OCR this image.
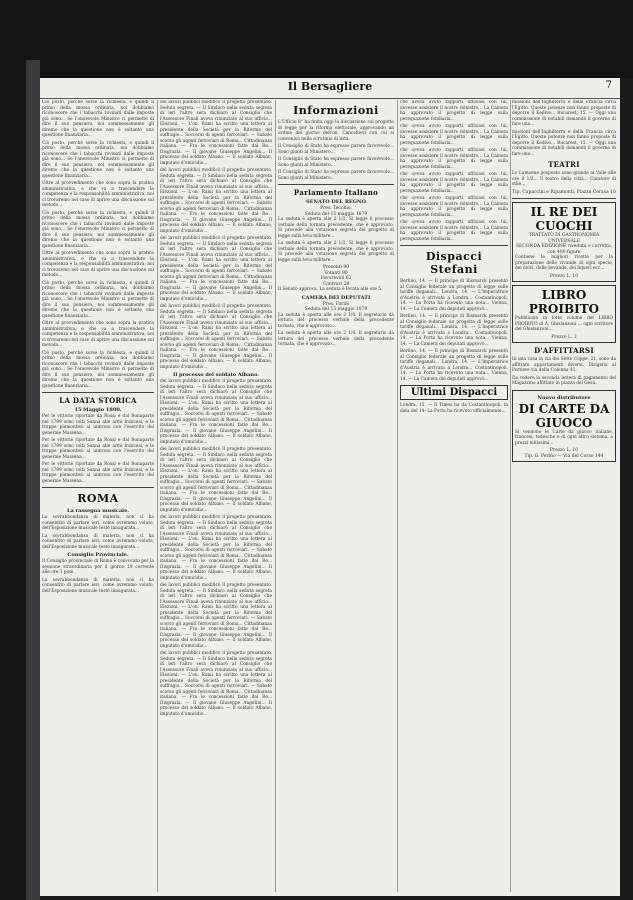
Il Bersagliere	7

Ciò posto, perchè sorse la richiesta, e quindi il primo della mossa ordinata, noi dobbiamo riconoscere che i tabacchi rovinati dalle imposte già sono... Se l'onorevole Ministro ci permette di dire il suo pensiero, noi sommessamente gli diremo che la questione non è soltanto una questione finanziaria...

Ciò posto, perchè sorse la richiesta, e quindi il primo della mossa ordinata, noi dobbiamo riconoscere che i tabacchi rovinati dalle imposte già sono... Se l'onorevole Ministro ci permette di dire il suo pensiero, noi sommessamente gli diremo che la questione non è soltanto una questione finanziaria...

Oltre al provvedimento che sono sopra la pratica amministrativa, e che va a trascendere la competenza e la responsabilità amministrativa, noi ci trovaremo nel caso di aprire una discussione sul metodo...

Ciò posto, perchè sorse la richiesta, e quindi il primo della mossa ordinata, noi dobbiamo riconoscere che i tabacchi rovinati dalle imposte già sono... Se l'onorevole Ministro ci permette di dire il suo pensiero, noi sommessamente gli diremo che la questione non è soltanto una questione finanziaria...

Oltre al provvedimento che sono sopra la pratica amministrativa, e che va a trascendere la competenza e la responsabilità amministrativa, noi ci trovaremo nel caso di aprire una discussione sul metodo...

Ciò posto, perchè sorse la richiesta, e quindi il primo della mossa ordinata, noi dobbiamo riconoscere che i tabacchi rovinati dalle imposte già sono... Se l'onorevole Ministro ci permette di dire il suo pensiero, noi sommessamente gli diremo che la questione non è soltanto una questione finanziaria...

Oltre al provvedimento che sono sopra la pratica amministrativa, e che va a trascendere la competenza e la responsabilità amministrativa, noi ci trovaremo nel caso di aprire una discussione sul metodo...

Ciò posto, perchè sorse la richiesta, e quindi il primo della mossa ordinata, noi dobbiamo riconoscere che i tabacchi rovinati dalle imposte già sono... Se l'onorevole Ministro ci permette di dire il suo pensiero, noi sommessamente gli diremo che la questione non è soltanto una questione finanziaria...

LA DATA STORICA
15 Maggio 1800.

Per le vittorie riportate da Rossi e dal Bonaparte nel 1799 sono tolti Sanna alle armi francesi, e le truppe piemontesi si unirono con l'esercito del generale Massena...

Per le vittorie riportate da Rossi e dal Bonaparte nel 1799 sono tolti Sanna alle armi francesi, e le truppe piemontesi si unirono con l'esercito del generale Massena...

Per le vittorie riportate da Rossi e dal Bonaparte nel 1799 sono tolti Sanna alle armi francesi, e le truppe piemontesi si unirono con l'esercito del generale Massena...

ROMA
La rassegna musicale.

La sovrabbondanza di materia, non ci ha consentito di parlare ieri, come avremmo voluto, dell'Esposizione musicale testè inaugurata...

La sovrabbondanza di materia, non ci ha consentito di parlare ieri, come avremmo voluto, dell'Esposizione musicale testè inaugurata...

Consiglio Provinciale.

Il Consiglio provinciale di Roma è convocato per la sessione straordinaria per il giorno 19 corrente alle ore 1 pom.

La sovrabbondanza di materia, non ci ha consentito di parlare ieri, come avremmo voluto, dell'Esposizione musicale testè inaugurata...

dei lavori pubblici modificò il progetto presentato. Seduta segreta. — Il Sindaco nella seduta segreta di ieri l'altro sera dichiarò al Consiglio che l'Assessore Finali aveva rinunziato al suo ufficio... Elezioni. — L'on. Rami ha scritto una lettera al presidente della Società per la Riforma del suffragio... Soccorsi di agenti ferroviari. — Sabato scorso gli agenti ferroviari di Roma... Cittadinanza italiana. — Fra le concessioni fatte dal Re... Disgrazia. — Il giovane Giuseppe Angelini... Il processo del soldato Albano. — Il soldato Albano, imputato d'omicidio...

dei lavori pubblici modificò il progetto presentato. Seduta segreta. — Il Sindaco nella seduta segreta di ieri l'altro sera dichiarò al Consiglio che l'Assessore Finali aveva rinunziato al suo ufficio... Elezioni. — L'on. Rami ha scritto una lettera al presidente della Società per la Riforma del suffragio... Soccorsi di agenti ferroviari. — Sabato scorso gli agenti ferroviari di Roma... Cittadinanza italiana. — Fra le concessioni fatte dal Re... Disgrazia. — Il giovane Giuseppe Angelini... Il processo del soldato Albano. — Il soldato Albano, imputato d'omicidio...

dei lavori pubblici modificò il progetto presentato. Seduta segreta. — Il Sindaco nella seduta segreta di ieri l'altro sera dichiarò al Consiglio che l'Assessore Finali aveva rinunziato al suo ufficio... Elezioni. — L'on. Rami ha scritto una lettera al presidente della Società per la Riforma del suffragio... Soccorsi di agenti ferroviari. — Sabato scorso gli agenti ferroviari di Roma... Cittadinanza italiana. — Fra le concessioni fatte dal Re... Disgrazia. — Il giovane Giuseppe Angelini... Il processo del soldato Albano. — Il soldato Albano, imputato d'omicidio...

dei lavori pubblici modificò il progetto presentato. Seduta segreta. — Il Sindaco nella seduta segreta di ieri l'altro sera dichiarò al Consiglio che l'Assessore Finali aveva rinunziato al suo ufficio... Elezioni. — L'on. Rami ha scritto una lettera al presidente della Società per la Riforma del suffragio... Soccorsi di agenti ferroviari. — Sabato scorso gli agenti ferroviari di Roma... Cittadinanza italiana. — Fra le concessioni fatte dal Re... Disgrazia. — Il giovane Giuseppe Angelini... Il processo del soldato Albano. — Il soldato Albano, imputato d'omicidio...

Il processo del soldato Albano.

dei lavori pubblici modificò il progetto presentato. Seduta segreta. — Il Sindaco nella seduta segreta di ieri l'altro sera dichiarò al Consiglio che l'Assessore Finali aveva rinunziato al suo ufficio... Elezioni. — L'on. Rami ha scritto una lettera al presidente della Società per la Riforma del suffragio... Soccorsi di agenti ferroviari. — Sabato scorso gli agenti ferroviari di Roma... Cittadinanza italiana. — Fra le concessioni fatte dal Re... Disgrazia. — Il giovane Giuseppe Angelini... Il processo del soldato Albano. — Il soldato Albano, imputato d'omicidio...

dei lavori pubblici modificò il progetto presentato. Seduta segreta. — Il Sindaco nella seduta segreta di ieri l'altro sera dichiarò al Consiglio che l'Assessore Finali aveva rinunziato al suo ufficio... Elezioni. — L'on. Rami ha scritto una lettera al presidente della Società per la Riforma del suffragio... Soccorsi di agenti ferroviari. — Sabato scorso gli agenti ferroviari di Roma... Cittadinanza italiana. — Fra le concessioni fatte dal Re... Disgrazia. — Il giovane Giuseppe Angelini... Il processo del soldato Albano. — Il soldato Albano, imputato d'omicidio...

dei lavori pubblici modificò il progetto presentato. Seduta segreta. — Il Sindaco nella seduta segreta di ieri l'altro sera dichiarò al Consiglio che l'Assessore Finali aveva rinunziato al suo ufficio... Elezioni. — L'on. Rami ha scritto una lettera al presidente della Società per la Riforma del suffragio... Soccorsi di agenti ferroviari. — Sabato scorso gli agenti ferroviari di Roma... Cittadinanza italiana. — Fra le concessioni fatte dal Re... Disgrazia. — Il giovane Giuseppe Angelini... Il processo del soldato Albano. — Il soldato Albano, imputato d'omicidio...

dei lavori pubblici modificò il progetto presentato. Seduta segreta. — Il Sindaco nella seduta segreta di ieri l'altro sera dichiarò al Consiglio che l'Assessore Finali aveva rinunziato al suo ufficio... Elezioni. — L'on. Rami ha scritto una lettera al presidente della Società per la Riforma del suffragio... Soccorsi di agenti ferroviari. — Sabato scorso gli agenti ferroviari di Roma... Cittadinanza italiana. — Fra le concessioni fatte dal Re... Disgrazia. — Il giovane Giuseppe Angelini... Il processo del soldato Albano. — Il soldato Albano, imputato d'omicidio...

dei lavori pubblici modificò il progetto presentato. Seduta segreta. — Il Sindaco nella seduta segreta di ieri l'altro sera dichiarò al Consiglio che l'Assessore Finali aveva rinunziato al suo ufficio... Elezioni. — L'on. Rami ha scritto una lettera al presidente della Società per la Riforma del suffragio... Soccorsi di agenti ferroviari. — Sabato scorso gli agenti ferroviari di Roma... Cittadinanza italiana. — Fra le concessioni fatte dal Re... Disgrazia. — Il giovane Giuseppe Angelini... Il processo del soldato Albano. — Il soldato Albano, imputato d'omicidio...

Informazioni

L'Ufficio 8° ha finita oggi la discussione sul progetto di legge per la riforma elettorale, approvando un ordine del giorno dell'on. Cancellieri con cui si conveniva nella scrutinio di lista.

Il Consiglio di Stato ha espresso parere favorevole... Sono giunti al Ministero...

Il Consiglio di Stato ha espresso parere favorevole... Sono giunti al Ministero...

Il Consiglio di Stato ha espresso parere favorevole... Sono giunti al Ministero...

Parlamento Italiano
SENATO DEL REGNO
Pres. Tecchio.
Seduta del 15 maggio 1879

La seduta è aperta alle 2 1/2. Si legge il processo verbale della tornata precedente, che è approvato. Si procede alla votazione segreta del progetto di legge sulla leva militare...

La seduta è aperta alle 2 1/2. Si legge il processo verbale della tornata precedente, che è approvato. Si procede alla votazione segreta del progetto di legge sulla leva militare...

Presenti 90
Votanti 90
Favorevoli 62
Contrari 28

Il Senato approva. La seduta è levata alle ore 5.

CAMERA DEI DEPUTATI
Pres. Farini
Seduta del 15 maggio 1879

La seduta è aperta alle ore 2 1/4. Il segretario dà lettura del processo verbale della precedente tornata, che è approvato...

La seduta è aperta alle ore 2 1/4. Il segretario dà lettura del processo verbale della precedente tornata, che è approvato...

che aveva avuto rapporti ufficiosi con lui, dovesse assistere il nostro ministro... La Camera ha approvato il progetto di legge sulla perequazione fondiaria...

che aveva avuto rapporti ufficiosi con lui, dovesse assistere il nostro ministro... La Camera ha approvato il progetto di legge sulla perequazione fondiaria...

che aveva avuto rapporti ufficiosi con lui, dovesse assistere il nostro ministro... La Camera ha approvato il progetto di legge sulla perequazione fondiaria...

che aveva avuto rapporti ufficiosi con lui, dovesse assistere il nostro ministro... La Camera ha approvato il progetto di legge sulla perequazione fondiaria...

che aveva avuto rapporti ufficiosi con lui, dovesse assistere il nostro ministro... La Camera ha approvato il progetto di legge sulla perequazione fondiaria...

che aveva avuto rapporti ufficiosi con lui, dovesse assistere il nostro ministro... La Camera ha approvato il progetto di legge sulla perequazione fondiaria...

Dispacci Stefani

Berlino, 14. — Il principe di Bismarck presentò al Consiglio federale un progetto di legge sulle tariffe doganali... Londra, 14. — L'Imperatrice d'Austria è arrivata a Londra... Costantinopoli, 14. — La Porta ha ricevuto una nota... Vienna, 14. — La Camera dei deputati approvò...

Berlino, 14. — Il principe di Bismarck presentò al Consiglio federale un progetto di legge sulle tariffe doganali... Londra, 14. — L'Imperatrice d'Austria è arrivata a Londra... Costantinopoli, 14. — La Porta ha ricevuto una nota... Vienna, 14. — La Camera dei deputati approvò...

Berlino, 14. — Il principe di Bismarck presentò al Consiglio federale un progetto di legge sulle tariffe doganali... Londra, 14. — L'Imperatrice d'Austria è arrivata a Londra... Costantinopoli, 14. — La Porta ha ricevuto una nota... Vienna, 14. — La Camera dei deputati approvò...

Ultimi Dispacci

Londra, 15. — Il Times ha da Costantinopoli, in data del 14: La Porta ha ricevuto ufficialmente...

missioni dell'Inghilterra e della Francia circa l'Egitto. Queste potenze non fanno proposte di deporre il Kedive... Bucarest, 15. — Oggi una commissione di notabili domandò il governo di fare una...

missioni dell'Inghilterra e della Francia circa l'Egitto. Queste potenze non fanno proposte di deporre il Kedive... Bucarest, 15. — Oggi una commissione di notabili domandò il governo di fare una...

TEATRI

Lo Lamoene posposto sono grande al Valle alle ore 8 1/2... Il teatro della città... Caratore di stile...

Tip. Capaccini e Ripamonti, Piazza Cerasa 10
IL RE DEI CUOCHI
TRATTATO DI GASTRONOMIA UNIVERSALE
SECONDA EDIZIONE riveduta e corretta, con 400 figure

Contiene le migliori ricette per la preparazione delle vivande di ogni specie, dei dolci, delle bevande, dei liquori ecc...

Prezzo L. 10
LIBRO PROIBITO

Pubblicato in lotte volume del LIBRO PROIBITO di A. Ghislanzoni ... ogni scrittore del Ghislanzoni...

Prezzo L. 2
D'AFFITTARSI

In una casa in via dei Sette Coppe, 21, sono da affittare appartamenti diversi. Dirigersi al Portiere via della Colonna 41.

Da cedere la seconda lettera di pagamento del Magazzino affittato in piazza del Gesù.

Nuovo distributore
DI CARTE DA GIUOCO

Si vendono le Carte da giuoco italiane, francesi, tedesche e di ogni altro sistema, a prezzi mitissimi...

Prezzo L. 10
Tip. G. Perino — Via del Corso 144
